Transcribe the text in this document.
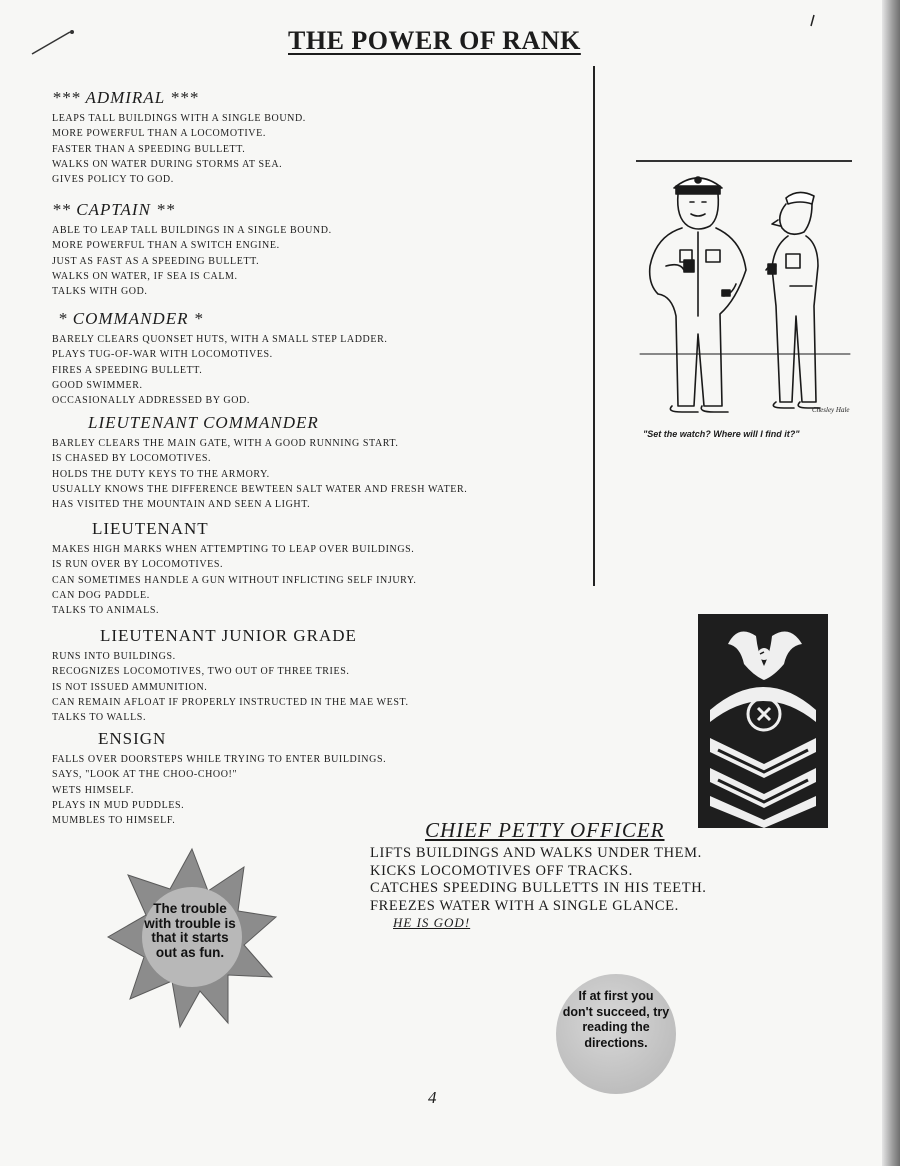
THE POWER OF RANK
*** ADMIRAL ***
LEAPS TALL BUILDINGS WITH A SINGLE BOUND.
MORE POWERFUL THAN A LOCOMOTIVE.
FASTER THAN A SPEEDING BULLETT.
WALKS ON WATER DURING STORMS AT SEA.
GIVES POLICY TO GOD.
** CAPTAIN **
ABLE TO LEAP TALL BUILDINGS IN A SINGLE BOUND.
MORE POWERFUL THAN A SWITCH ENGINE.
JUST AS FAST AS A SPEEDING BULLETT.
WALKS ON WATER, IF SEA IS CALM.
TALKS WITH GOD.
* COMMANDER *
BARELY CLEARS QUONSET HUTS, WITH A SMALL STEP LADDER.
PLAYS TUG-OF-WAR WITH LOCOMOTIVES.
FIRES A SPEEDING BULLETT.
GOOD SWIMMER.
OCCASIONALLY ADDRESSED BY GOD.
LIEUTENANT COMMANDER
BARLEY CLEARS THE MAIN GATE, WITH A GOOD RUNNING START.
IS CHASED BY LOCOMOTIVES.
HOLDS THE DUTY KEYS TO THE ARMORY.
USUALLY KNOWS THE DIFFERENCE BEWTEEN SALT WATER AND FRESH WATER.
HAS VISITED THE MOUNTAIN AND SEEN A LIGHT.
LIEUTENANT
MAKES HIGH MARKS WHEN ATTEMPTING TO LEAP OVER BUILDINGS.
IS RUN OVER BY LOCOMOTIVES.
CAN SOMETIMES HANDLE A GUN WITHOUT INFLICTING SELF INJURY.
CAN DOG PADDLE.
TALKS TO ANIMALS.
LIEUTENANT JUNIOR GRADE
RUNS INTO BUILDINGS.
RECOGNIZES LOCOMOTIVES, TWO OUT OF THREE TRIES.
IS NOT ISSUED AMMUNITION.
CAN REMAIN AFLOAT IF PROPERLY INSTRUCTED IN THE MAE WEST.
TALKS TO WALLS.
ENSIGN
FALLS OVER DOORSTEPS WHILE TRYING TO ENTER BUILDINGS.
SAYS, "LOOK AT THE CHOO-CHOO!"
WETS HIMSELF.
PLAYS IN MUD PUDDLES.
MUMBLES TO HIMSELF.
Chesley Hale
"Set the watch? Where will I find it?"
CHIEF PETTY OFFICER
LIFTS BUILDINGS AND WALKS UNDER THEM.
KICKS LOCOMOTIVES OFF TRACKS.
CATCHES SPEEDING BULLETTS IN HIS TEETH.
FREEZES WATER WITH A SINGLE GLANCE.
HE IS GOD!
The trouble with trouble is that it starts out as fun.
If at first you don't succeed, try reading the directions.
4
